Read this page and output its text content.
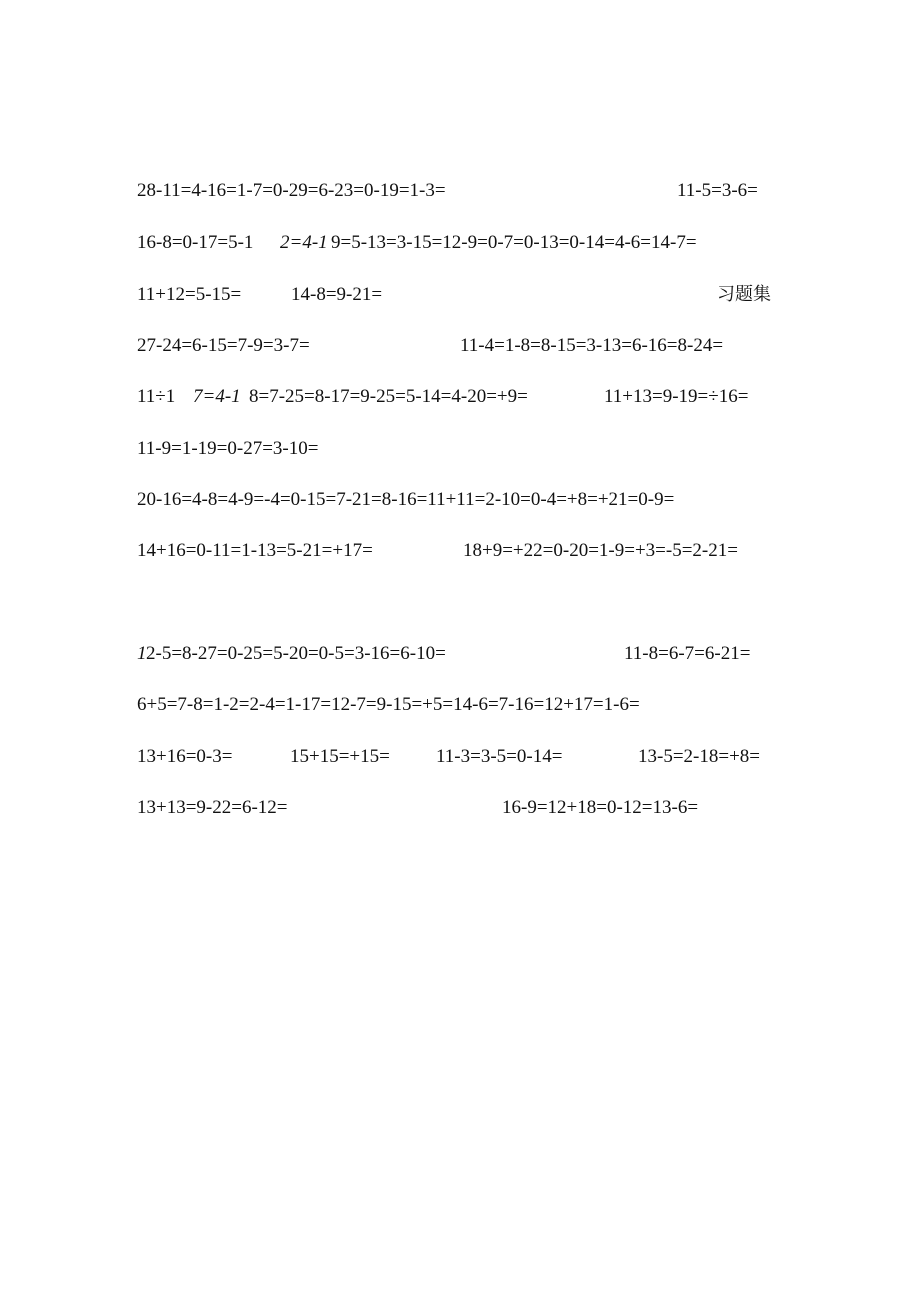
28-11=4-16=1-7=0-29=6-23=0-19=1-3=	11-5=3-6=
16-8=0-17=5-1 2=4-1 9=5-13=3-15=12-9=0-7=0-13=0-14=4-6=14-7=
11+12=5-15=	14-8=9-21=	习题集
27-24=6-15=7-9=3-7=	11-4=1-8=8-15=3-13=6-16=8-24=
11÷1 7=4-1 8=7-25=8-17=9-25=5-14=4-20=+9=	11+13=9-19=÷16=
11-9=1-19=0-27=3-10=
20-16=4-8=4-9=-4=0-15=7-21=8-16=11+11=2-10=0-4=+8=+21=0-9=
14+16=0-11=1-13=5-21=+17=	18+9=+22=0-20=1-9=+3=-5=2-21=
1 2-5=8-27=0-25=5-20=0-5=3-16=6-10=	11-8=6-7=6-21=
6+5=7-8=1-2=2-4=1-17=12-7=9-15=+5=14-6=7-16=12+17=1-6=
13+16=0-3=	15+15=+15= 11-3=3-5=0-14=	13-5=2-18=+8=
13+13=9-22=6-12=	16-9=12+18=0-12=13-6=
